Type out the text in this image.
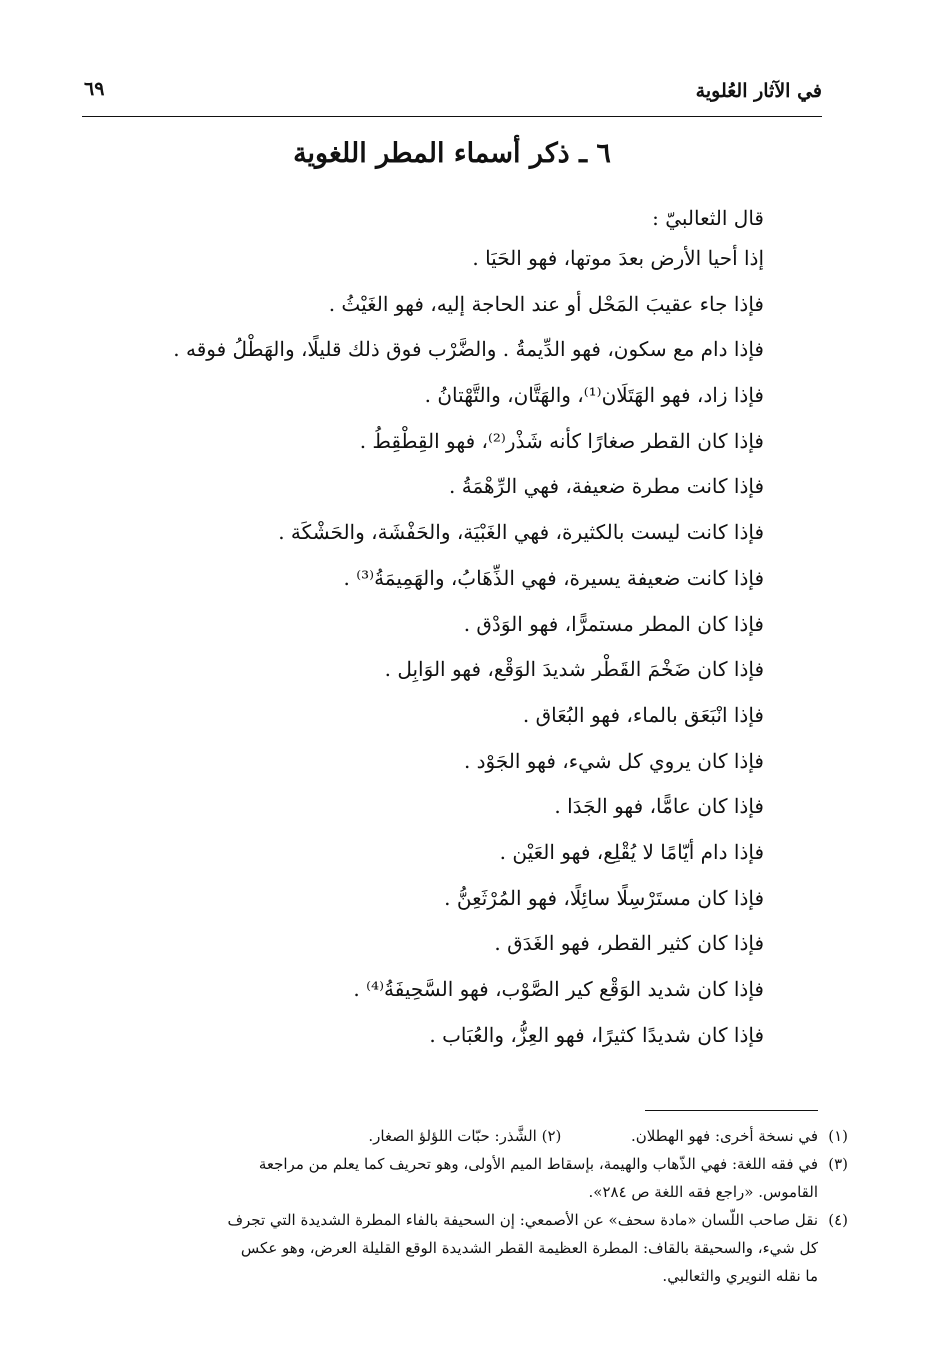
في الآثار العُلوية
٦٩
٦ ـ ذكر أسماء المطر اللغوية
قال الثعالبيّ :
إذا أحيا الأرض بعدَ موتها، فهو الحَيَا .
فإذا جاء عقيبَ المَحْل أو عند الحاجة إليه، فهو الغَيْثُ .
فإذا دام مع سكون، فهو الدِّيمةُ . والضَّرْب فوق ذلك قليلًا، والهَطْلُ فوقه .
فإذا زاد، فهو الهَتَلَان⁽¹⁾، والهَتَّان، والتَّهْتانُ .
فإذا كان القطر صغارًا كأنه شَذْر⁽²⁾، فهو القِطْقِطُ .
فإذا كانت مطرة ضعيفة، فهي الرِّهْمَةُ .
فإذا كانت ليست بالكثيرة، فهي الغَبْيَة، والحَفْشَة، والحَشْكَة .
فإذا كانت ضعيفة يسيرة، فهي الذِّهَابُ، والهَمِيمَةُ⁽³⁾ .
فإذا كان المطر مستمرًّا، فهو الوَدْق .
فإذا كان ضَخْمَ القَطْر شديدَ الوَقْع، فهو الوَابِل .
فإذا انْبَعَق بالماء، فهو البُعَاق .
فإذا كان يروي كل شيء، فهو الجَوْد .
فإذا كان عامًّا، فهو الجَدَا .
فإذا دام أيّامًا لا يُقْلِع، فهو العَيْن .
فإذا كان مستَرْسِلًا سائِلًا، فهو المُرْثَعِنُّ .
فإذا كان كثير القطر، فهو الغَدَق .
فإذا كان شديد الوَقْع كير الصَّوْب، فهو السَّحِيفَةُ⁽⁴⁾ .
فإذا كان شديدًا كثيرًا، فهو العِزُّ، والعُبَاب .
(١)
في نسخة أخرى: فهو الهطلان.  (٢) الشَّذر: حبّات اللؤلؤ الصغار.
(٣)
في فقه اللغة: فهي الذّهاب والهيمة، بإسقاط الميم الأولى، وهو تحريف كما يعلم من مراجعة
القاموس. «راجع فقه اللغة ص ٢٨٤».
(٤)
نقل صاحب اللّسان «مادة سحف» عن الأصمعي: إن السحيفة بالفاء المطرة الشديدة التي تجرف
كل شيء، والسحيقة بالقاف: المطرة العظيمة القطر الشديدة الوقع القليلة العرض، وهو عكس
ما نقله النويري والثعالبي.
